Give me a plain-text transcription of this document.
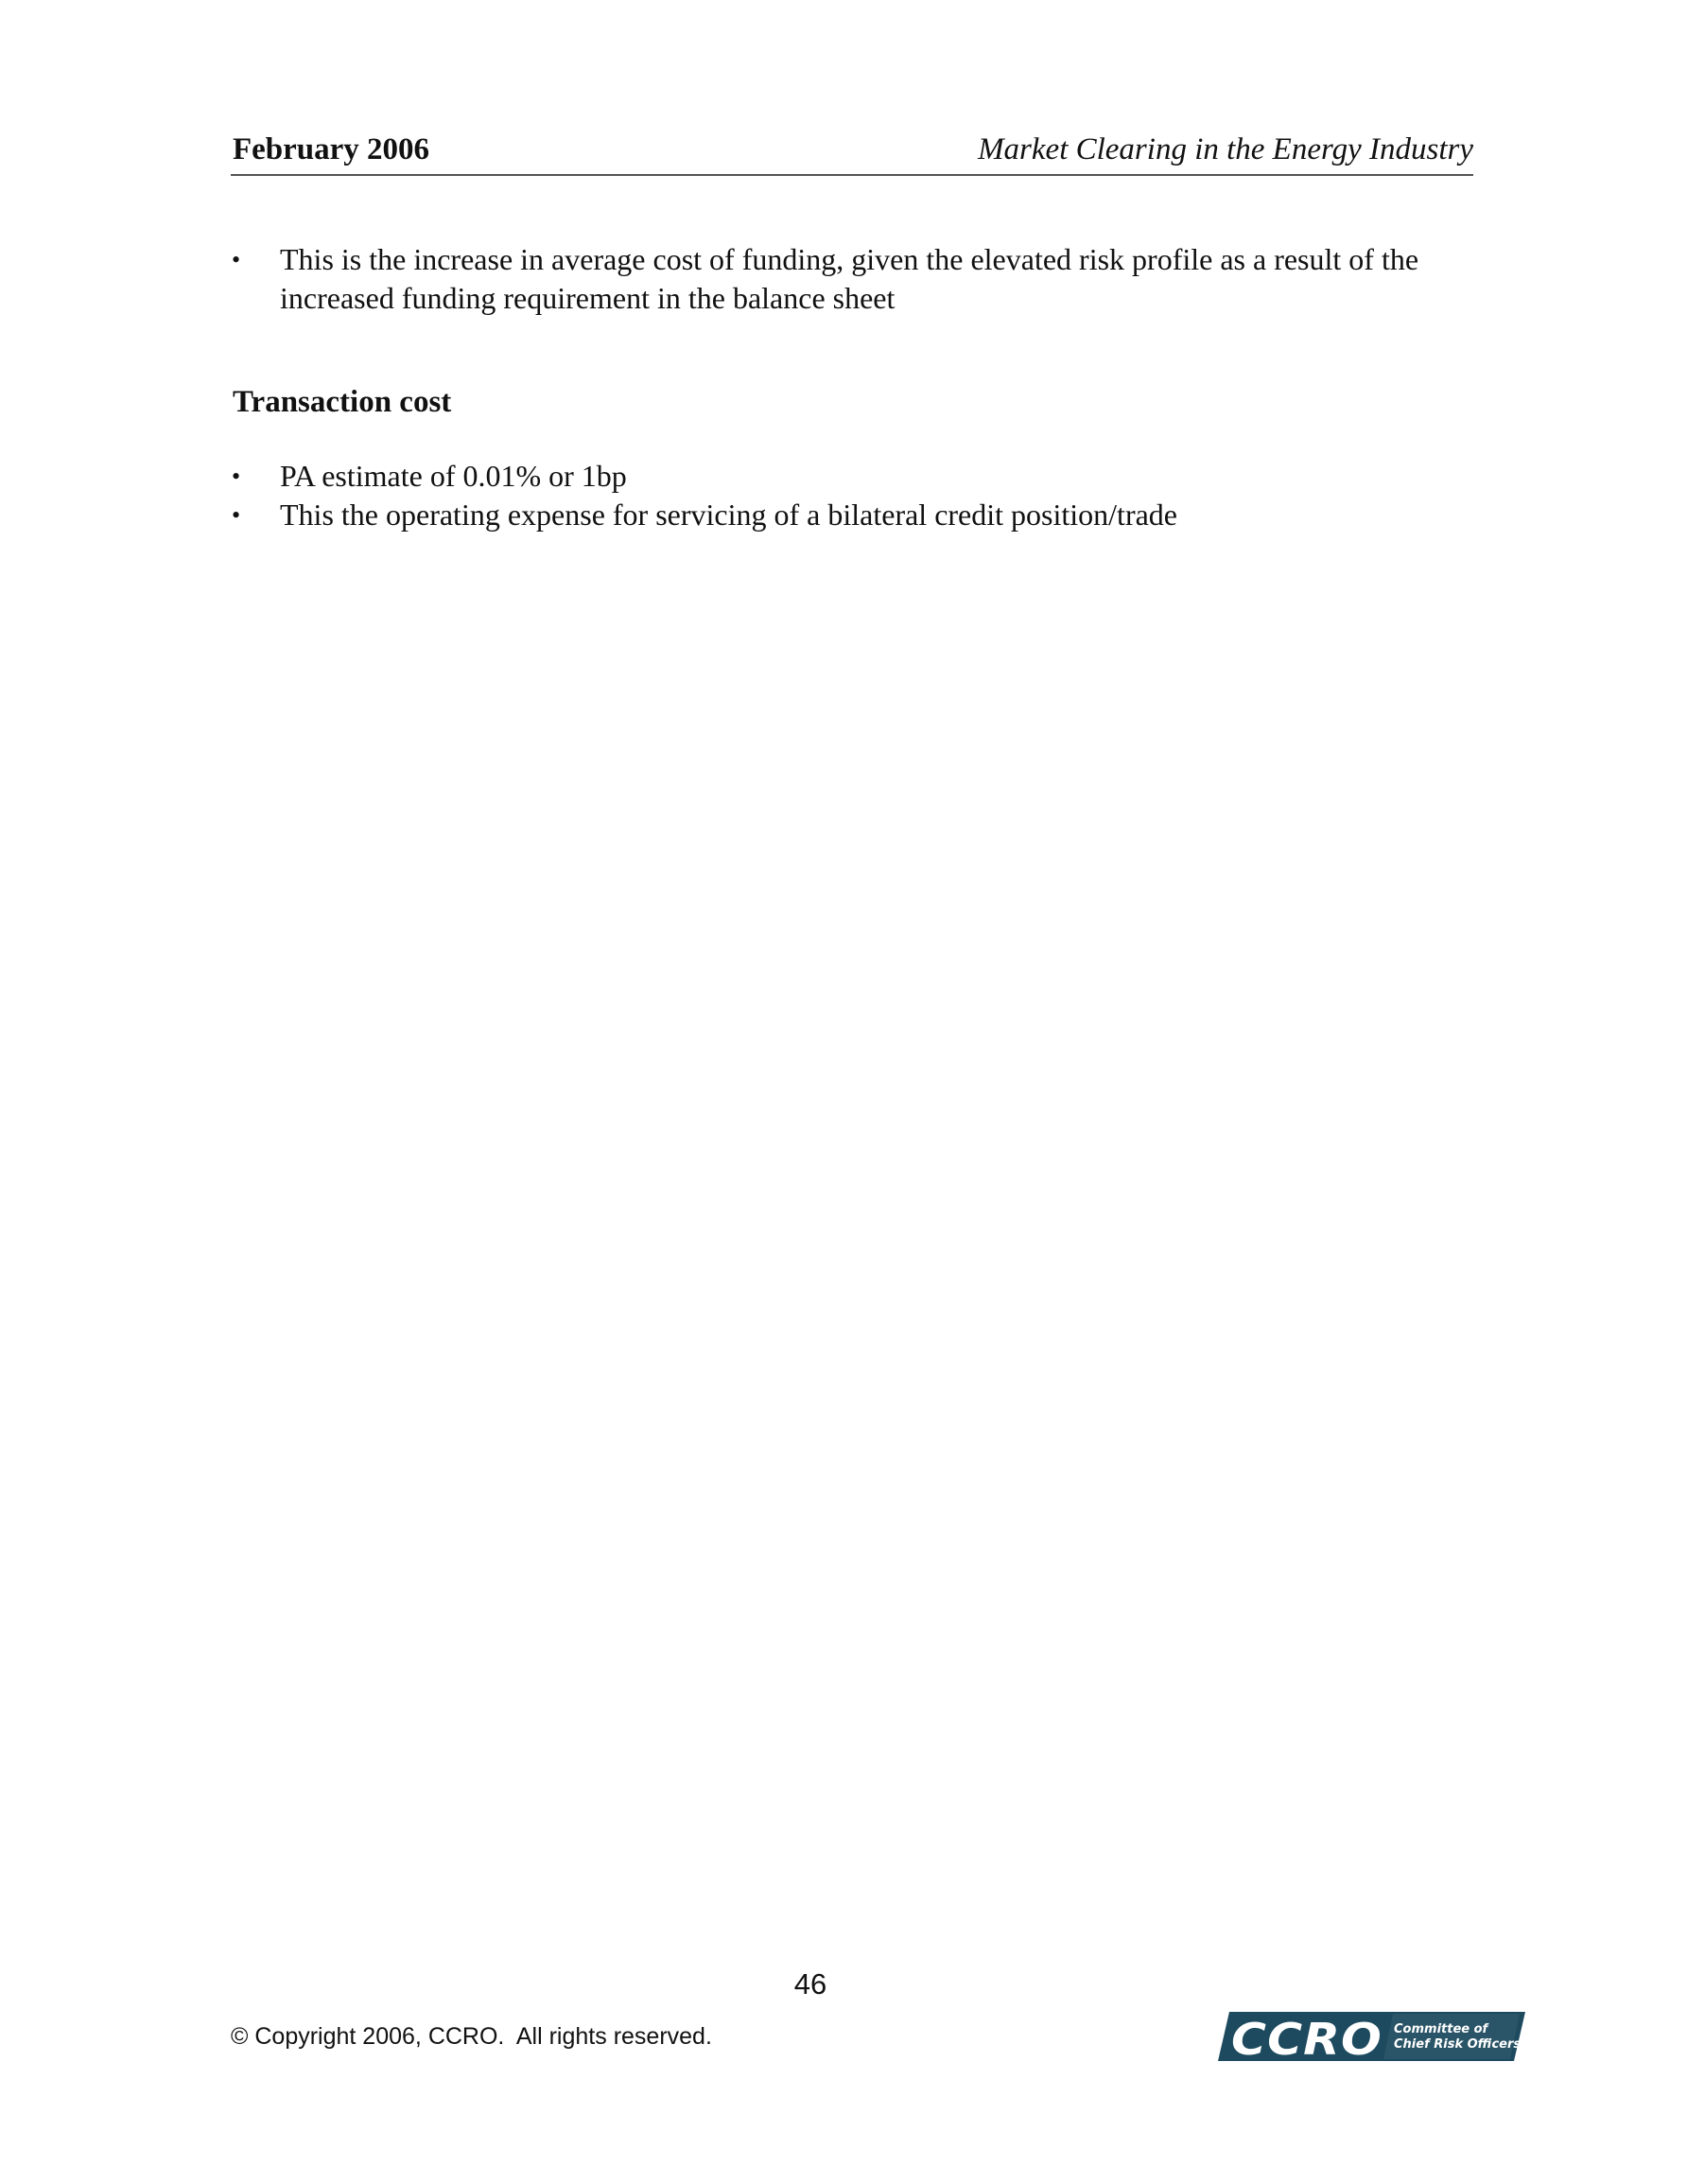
February 2006	Market Clearing in the Energy Industry
•	This is the increase in average cost of funding, given the elevated risk profile as a result of the increased funding requirement in the balance sheet
Transaction cost
•	PA estimate of 0.01% or 1bp
•	This the operating expense for servicing of a bilateral credit position/trade
46
© Copyright 2006, CCRO.  All rights reserved.	CCRO Committee of
Chief Risk Officers
